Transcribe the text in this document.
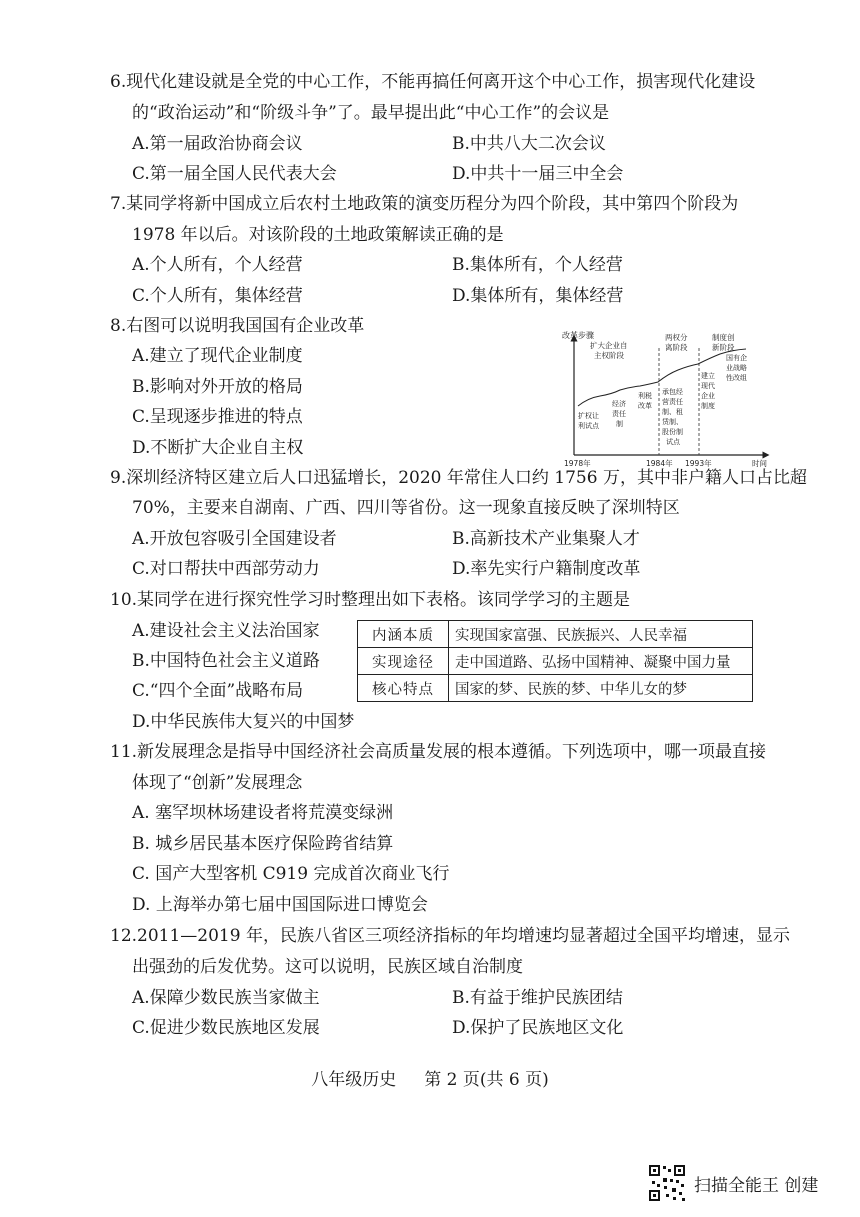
6.现代化建设就是全党的中心工作，不能再搞任何离开这个中心工作，损害现代化建设
的“政治运动”和“阶级斗争”了。最早提出此“中心工作”的会议是
A.第一届政治协商会议	B.中共八大二次会议
C.第一届全国人民代表大会	D.中共十一届三中全会
7.某同学将新中国成立后农村土地政策的演变历程分为四个阶段，其中第四个阶段为
1978 年以后。对该阶段的土地政策解读正确的是
A.个人所有，个人经营	B.集体所有，个人经营
C.个人所有，集体经营	D.集体所有，集体经营
8.右图可以说明我国国有企业改革
A.建立了现代企业制度
B.影响对外开放的格局
C.呈现逐步推进的特点
D.不断扩大企业自主权
改革步骤
时间
1978年	1984年 1993年
扩大企业自
主权阶段
两权分
离阶段
制度创
新阶段
扩权让
利试点
经济
责任
制
利税
改革
承包经
营责任
制、租
赁制、
股份制
试点
建立
现代
企业
制度
国有企
业战略
性改组
9.深圳经济特区建立后人口迅猛增长，2020 年常住人口约 1756 万，其中非户籍人口占比超
70%，主要来自湖南、广西、四川等省份。这一现象直接反映了深圳特区
A.开放包容吸引全国建设者	B.高新技术产业集聚人才
C.对口帮扶中西部劳动力	D.率先实行户籍制度改革
10.某同学在进行探究性学习时整理出如下表格。该同学学习的主题是
A.建设社会主义法治国家
B.中国特色社会主义道路
C.“四个全面”战略布局
D.中华民族伟大复兴的中国梦
内涵本质	实现国家富强、民族振兴、人民幸福
实现途径	走中国道路、弘扬中国精神、凝聚中国力量
核心特点	国家的梦、民族的梦、中华儿女的梦
11.新发展理念是指导中国经济社会高质量发展的根本遵循。下列选项中，哪一项最直接
体现了“创新”发展理念
A. 塞罕坝林场建设者将荒漠变绿洲
B. 城乡居民基本医疗保险跨省结算
C. 国产大型客机 C919 完成首次商业飞行
D. 上海举办第七届中国国际进口博览会
12.2011—2019 年，民族八省区三项经济指标的年均增速均显著超过全国平均增速，显示
出强劲的后发优势。这可以说明，民族区域自治制度
A.保障少数民族当家做主	B.有益于维护民族团结
C.促进少数民族地区发展	D.保护了民族地区文化
八年级历史 第 2 页(共 6 页)
扫描全能王 创建
